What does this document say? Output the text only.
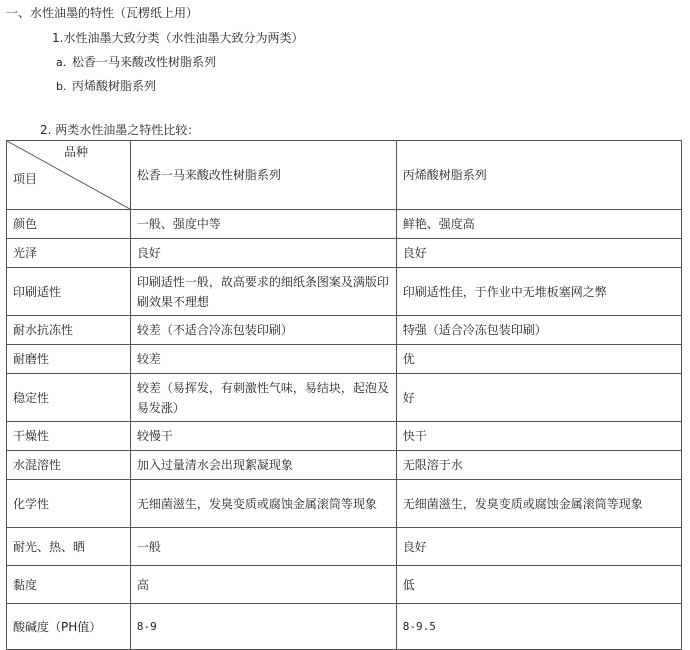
一、水性油墨的特性（瓦楞纸上用）
1.水性油墨大致分类（水性油墨大致分为两类）
a. 松香一马来酸改性树脂系列
b. 丙烯酸树脂系列
2. 两类水性油墨之特性比较：
品种
项目	松香一马来酸改性树脂系列	丙烯酸树脂系列
颜色	一般、强度中等	鲜艳、强度高
光泽	良好	良好
印刷适性	印刷适性一般，故高要求的细纸条图案及满版印刷效果不理想	印刷适性佳，于作业中无堆板塞网之弊
耐水抗冻性	较差（不适合冷冻包装印刷）	特强（适合冷冻包装印刷）
耐磨性	较差	优
稳定性	较差（易挥发，有刺激性气味，易结块，起泡及易发涨）	好
干燥性	较慢干	快干
水混溶性	加入过量清水会出现絮凝现象	无限溶于水
化学性	无细菌滋生，发臭变质或腐蚀金属滚筒等现象	无细菌滋生，发臭变质或腐蚀金属滚筒等现象
耐光、热、晒	一般	良好
黏度	高	低
酸碱度（PH值）	8-9	8-9.5
